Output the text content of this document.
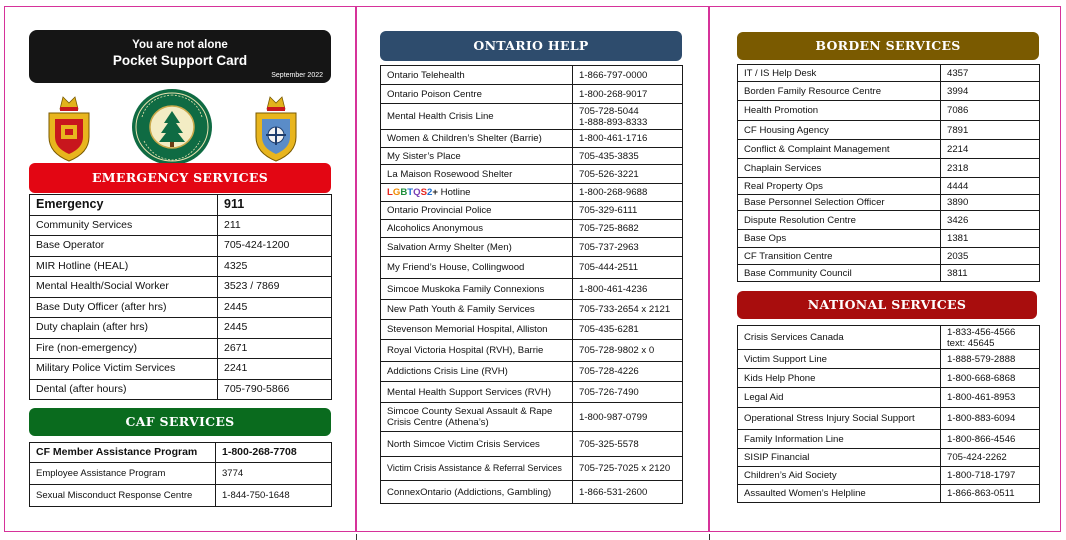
You are not alone
Pocket Support Card
September 2022
EMERGENCY SERVICES
Emergency	911
Community Services	211
Base Operator	705-424-1200
MIR Hotline (HEAL)	4325
Mental Health/Social Worker	3523 / 7869
Base Duty Officer (after hrs)	2445
Duty chaplain (after hrs)	2445
Fire (non-emergency)	2671
Military Police Victim Services	2241
Dental (after hours)	705-790-5866
CAF SERVICES
CF Member Assistance Program	1-800-268-7708
Employee Assistance Program	3774
Sexual Misconduct Response Centre	1-844-750-1648
ONTARIO HELP
Ontario Telehealth	1-866-797-0000
Ontario Poison Centre	1-800-268-9017
Mental Health Crisis Line	705-728-5044
1-888-893-8333

Women & Children’s Shelter (Barrie)	1-800-461-1716
My Sister’s Place	705-435-3835
La Maison Rosewood Shelter	705-526-3221
LGBTQS2+ Hotline	1-800-268-9688
Ontario Provincial Police	705-329-6111
Alcoholics Anonymous	705-725-8682
Salvation Army Shelter (Men)	705-737-2963
My Friend’s House, Collingwood	705-444-2511
Simcoe Muskoka Family Connexions	1-800-461-4236
New Path Youth & Family Services	705-733-2654 x 2121
Stevenson Memorial Hospital, Alliston	705-435-6281
Royal Victoria Hospital (RVH), Barrie	705-728-9802 x 0
Addictions Crisis Line (RVH)	705-728-4226
Mental Health Support Services (RVH)	705-726-7490
Simcoe County Sexual Assault & Rape Crisis Centre (Athena’s)	1-800-987-0799
North Simcoe Victim Crisis Services	705-325-5578
Victim Crisis Assistance & Referral Services	705-725-7025 x 2120
ConnexOntario (Addictions, Gambling)	1-866-531-2600
BORDEN SERVICES
IT / IS Help Desk	4357
Borden Family Resource Centre	3994
Health Promotion	7086
CF Housing Agency	7891
Conflict & Complaint Management	2214
Chaplain Services	2318
Real Property Ops	4444
Base Personnel Selection Officer	3890
Dispute Resolution Centre	3426
Base Ops	1381
CF Transition Centre	2035
Base Community Council	3811
NATIONAL SERVICES
Crisis Services Canada	1-833-456-4566
text: 45645

Victim Support Line	1-888-579-2888
Kids Help Phone	1-800-668-6868
Legal Aid	1-800-461-8953
Operational Stress Injury Social Support	1-800-883-6094
Family Information Line	1-800-866-4546
SISIP Financial	705-424-2262
Children’s Aid Society	1-800-718-1797
Assaulted Women’s Helpline	1-866-863-0511
